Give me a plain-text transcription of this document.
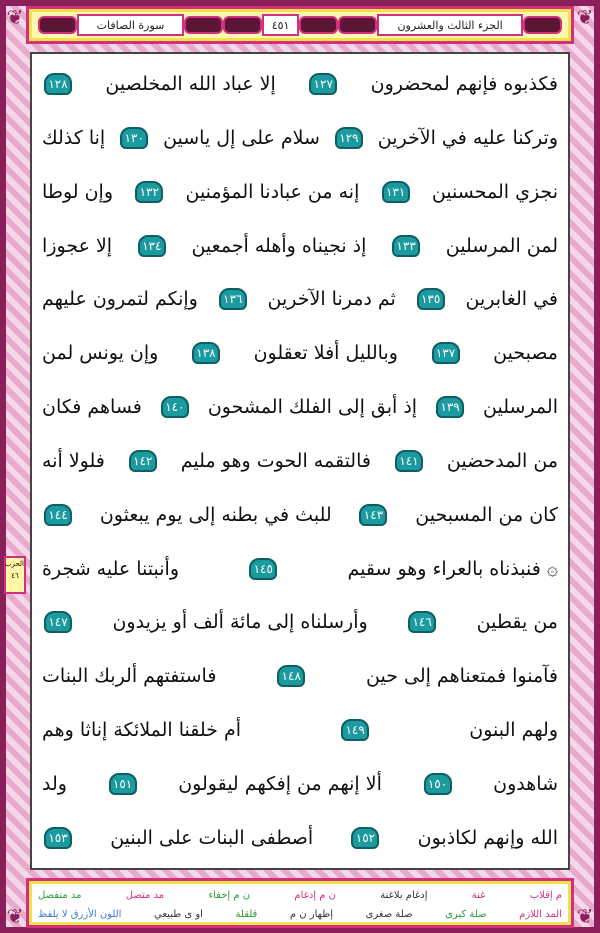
❦	❦
❦	❦
الجزء الثالث والعشرون
٤٥١
سورة الصافات
الحزب
٤٦
فكذبوه فإنهم لمحضرون
١٢٧
إلا عباد الله المخلصين
١٢٨
وتركنا عليه في الآخرين
١٢٩
سلام على إل ياسين
١٣٠
إنا كذلك
نجزي المحسنين
١٣١
إنه من عبادنا المؤمنين
١٣٢
وإن لوطا
لمن المرسلين
١٣٣
إذ نجيناه وأهله أجمعين
١٣٤
إلا عجوزا
في الغابرين
١٣٥
ثم دمرنا الآخرين
١٣٦
وإنكم لتمرون عليهم
مصبحين
١٣٧
وبالليل أفلا تعقلون
١٣٨
وإن يونس لمن
المرسلين
١٣٩
إذ أبق إلى الفلك المشحون
١٤٠
فساهم فكان
من المدحضين
١٤١
فالتقمه الحوت وهو مليم
١٤٢
فلولا أنه
كان من المسبحين
١٤٣
للبث في بطنه إلى يوم يبعثون
١٤٤
۞ فنبذناه بالعراء وهو سقيم
١٤٥
وأنبتنا عليه شجرة
من يقطين
١٤٦
وأرسلناه إلى مائة ألف أو يزيدون
١٤٧
فآمنوا فمتعناهم إلى حين
١٤٨
فاستفتهم ألربك البنات
ولهم البنون
١٤٩
أم خلقنا الملائكة إناثا وهم
شاهدون
١٥٠
ألا إنهم من إفكهم ليقولون
١٥١
ولد
الله وإنهم لكاذبون
١٥٢
أصطفى البنات على البنين
١٥٣
م إقلاب
غنة
إدغام بلاغنة
ن م إدغام
ن م إخفاء
مد متصل
مد منفصل
المد اللازم
صلة كبرى
صلة صغرى
إظهار ن م
قلقلة
او ى طبيعي
اللون الأزرق لا يلفظ
